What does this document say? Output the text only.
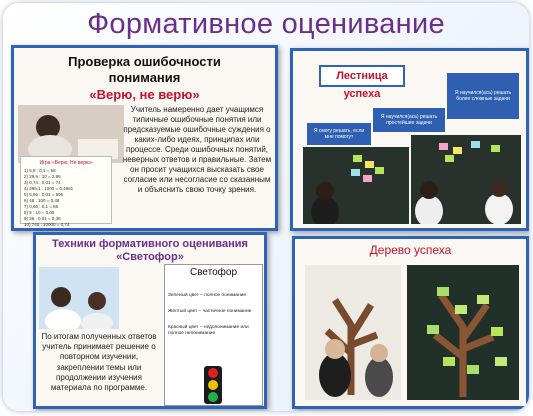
Формативное оценивание
Проверка ошибочности
понимания
«Верю, не верю»
Игра «Верю, Не верю»
1) 5,8 : 0,1 = 58
2) 29,6 : 10 = 2,96
3) 0,74 : 0,01 = 74
4) 495,1 : 1000 = 0,4951
5) 5,96 : 0,01 = 596
6) 48 : 100 = 0,48
7) 0,66 : 0,1 = 66
8) 5 : 10 = 0,05
9) 36 : 0,01 = 0,36
10) 740 : 10000 = 0,74
Учитель намеренно дает учащимся типичные ошибочные понятия или предсказуемые ошибочные суждения о каких-либо идеях, принципах или процессе. Среди ошибочных понятий, неверных ответов и правильные. Затем он просит учащихся высказать свое согласие или несогласие со сказанным и объяснить свою точку зрения.
Лестница успеха
Я смогу решать, если мне помогут
Я научился(ась) решать простейшие задачи
Я научился(ась) решать более сложные задачи
Техники формативного оценивания
«Светофор»
По итогам полученных ответов учитель принимает решение о повторном изучении, закреплении темы или продолжении изучения материала по программе.
Светофор
Зеленый цвет – полное понимание
Желтый цвет – частичное понимание
Красный цвет – недопонимание или полное непонимание
Дерево успеха
